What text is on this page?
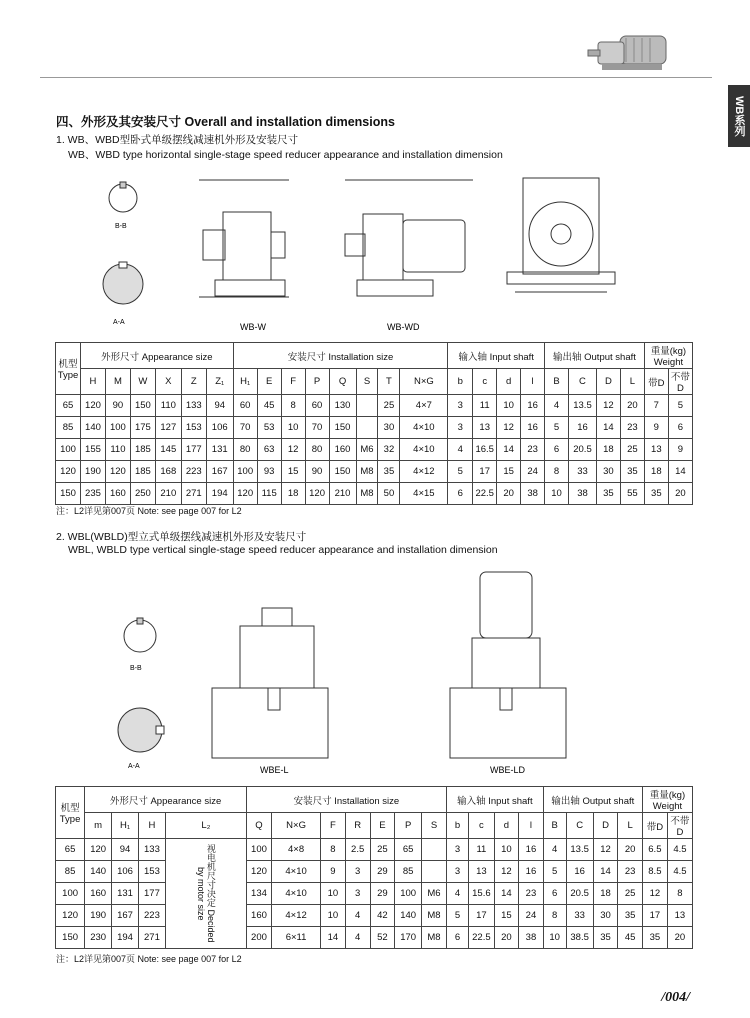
WB系列
四、外形及其安装尺寸 Overall and installation dimensions
1. WB、WBD型卧式单级摆线减速机外形及安装尺寸
WB、WBD type horizontal single-stage speed reducer appearance and installation dimension
B-B
A-A	WB-W	WB-WD
机型 Type	外形尺寸 Appearance size						安装尺寸 Installation size								输入轴 Input shaft				输出轴 Output shaft				重量(kg) Weight	
	H	M	W	X	Z	Z₁	H₁	E	F	P	Q	S	T	N×G	b	c	d	l	B	C	D	L	带D	不带D
65	120	90	150	110	133	94	60	45	8	60	130		25	4×7	3	11	10	16	4	13.5	12	20	7	5
85	140	100	175	127	153	106	70	53	10	70	150		30	4×10	3	13	12	16	5	16	14	23	9	6
100	155	110	185	145	177	131	80	63	12	80	160	M6	32	4×10	4	16.5	14	23	6	20.5	18	25	13	9
120	190	120	185	168	223	167	100	93	15	90	150	M8	35	4×12	5	17	15	24	8	33	30	35	18	14
150	235	160	250	210	271	194	120	115	18	120	210	M8	50	4×15	6	22.5	20	38	10	38	35	55	35	20
注：L2详见第007页 Note: see page 007 for L2
2. WBL(WBLD)型立式单级摆线减速机外形及安装尺寸
WBL, WBLD type vertical single-stage speed reducer appearance and installation dimension
B-B
A-A	WBE-L	WBE-LD
机型 Type	外形尺寸 Appearance size				安装尺寸 Installation size							输入轴 Input shaft				输出轴 Output shaft				重量(kg) Weight	
	m	H₁	H	L₂	Q	N×G	F	R	E	P	S	b	c	d	l	B	C	D	L	带D	不带D
65	120	94	133	视电机尺寸决定 Decided by motor size	100	4×8	8	2.5	25	65		3	11	10	16	4	13.5	12	20	6.5	4.5
85	140	106	153		120	4×10	9	3	29	85		3	13	12	16	5	16	14	23	8.5	4.5
100	160	131	177		134	4×10	10	3	29	100	M6	4	15.6	14	23	6	20.5	18	25	12	8
120	190	167	223		160	4×12	10	4	42	140	M8	5	17	15	24	8	33	30	35	17	13
150	230	194	271		200	6×11	14	4	52	170	M8	6	22.5	20	38	10	38.5	35	45	35	20
注：L2详见第007页 Note: see page 007 for L2
/004/
